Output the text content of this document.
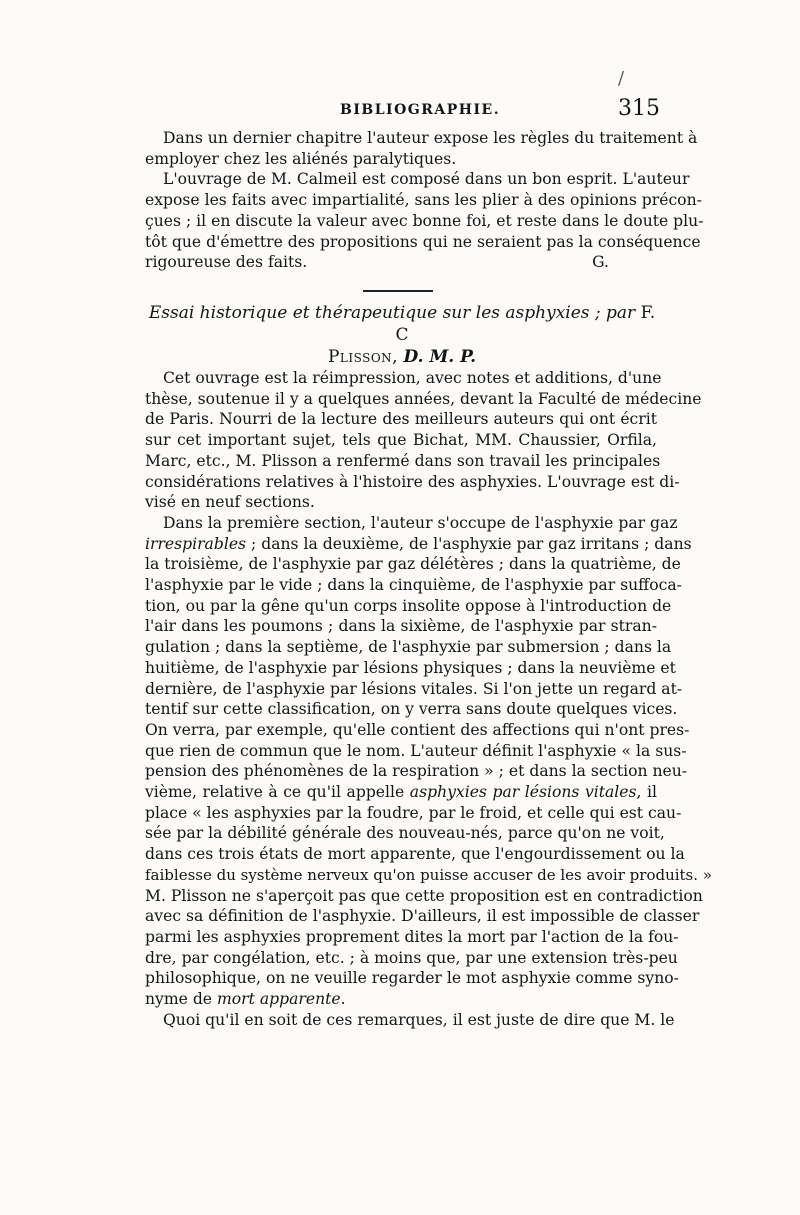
/
BIBLIOGRAPHIE.	315
Dans un dernier chapitre l'auteur expose les règles du traitement à
employer chez les aliénés paralytiques.
L'ouvrage de M. Calmeil est composé dans un bon esprit. L'auteur
expose les faits avec impartialité, sans les plier à des opinions précon-
çues ; il en discute la valeur avec bonne foi, et reste dans le doute plu-
tôt que d'émettre des propositions qui ne seraient pas la conséquence
rigoureuse des faits.	G.
Essai historique et thérapeutique sur les asphyxies ; par F. C
Plisson, D. M. P.
Cet ouvrage est la réimpression, avec notes et additions, d'une
thèse, soutenue il y a quelques années, devant la Faculté de médecine
de Paris. Nourri de la lecture des meilleurs auteurs qui ont écrit
sur cet important sujet, tels que Bichat, MM. Chaussier, Orfila,
Marc, etc., M. Plisson a renfermé dans son travail les principales
considérations relatives à l'histoire des asphyxies. L'ouvrage est di-
visé en neuf sections.
Dans la première section, l'auteur s'occupe de l'asphyxie par gaz
irrespirables ; dans la deuxième, de l'asphyxie par gaz irritans ; dans
la troisième, de l'asphyxie par gaz délétères ; dans la quatrième, de
l'asphyxie par le vide ; dans la cinquième, de l'asphyxie par suffoca-
tion, ou par la gêne qu'un corps insolite oppose à l'introduction de
l'air dans les poumons ; dans la sixième, de l'asphyxie par stran-
gulation ; dans la septième, de l'asphyxie par submersion ; dans la
huitième, de l'asphyxie par lésions physiques ; dans la neuvième et
dernière, de l'asphyxie par lésions vitales. Si l'on jette un regard at-
tentif sur cette classification, on y verra sans doute quelques vices.
On verra, par exemple, qu'elle contient des affections qui n'ont pres-
que rien de commun que le nom. L'auteur définit l'asphyxie « la sus-
pension des phénomènes de la respiration » ; et dans la section neu-
vième, relative à ce qu'il appelle asphyxies par lésions vitales, il
place « les asphyxies par la foudre, par le froid, et celle qui est cau-
sée par la débilité générale des nouveau-nés, parce qu'on ne voit,
dans ces trois états de mort apparente, que l'engourdissement ou la
faiblesse du système nerveux qu'on puisse accuser de les avoir produits. »
M. Plisson ne s'aperçoit pas que cette proposition est en contradiction
avec sa définition de l'asphyxie. D'ailleurs, il est impossible de classer
parmi les asphyxies proprement dites la mort par l'action de la fou-
dre, par congélation, etc. ; à moins que, par une extension très-peu
philosophique, on ne veuille regarder le mot asphyxie comme syno-
nyme de mort apparente.
Quoi qu'il en soit de ces remarques, il est juste de dire que M. le
